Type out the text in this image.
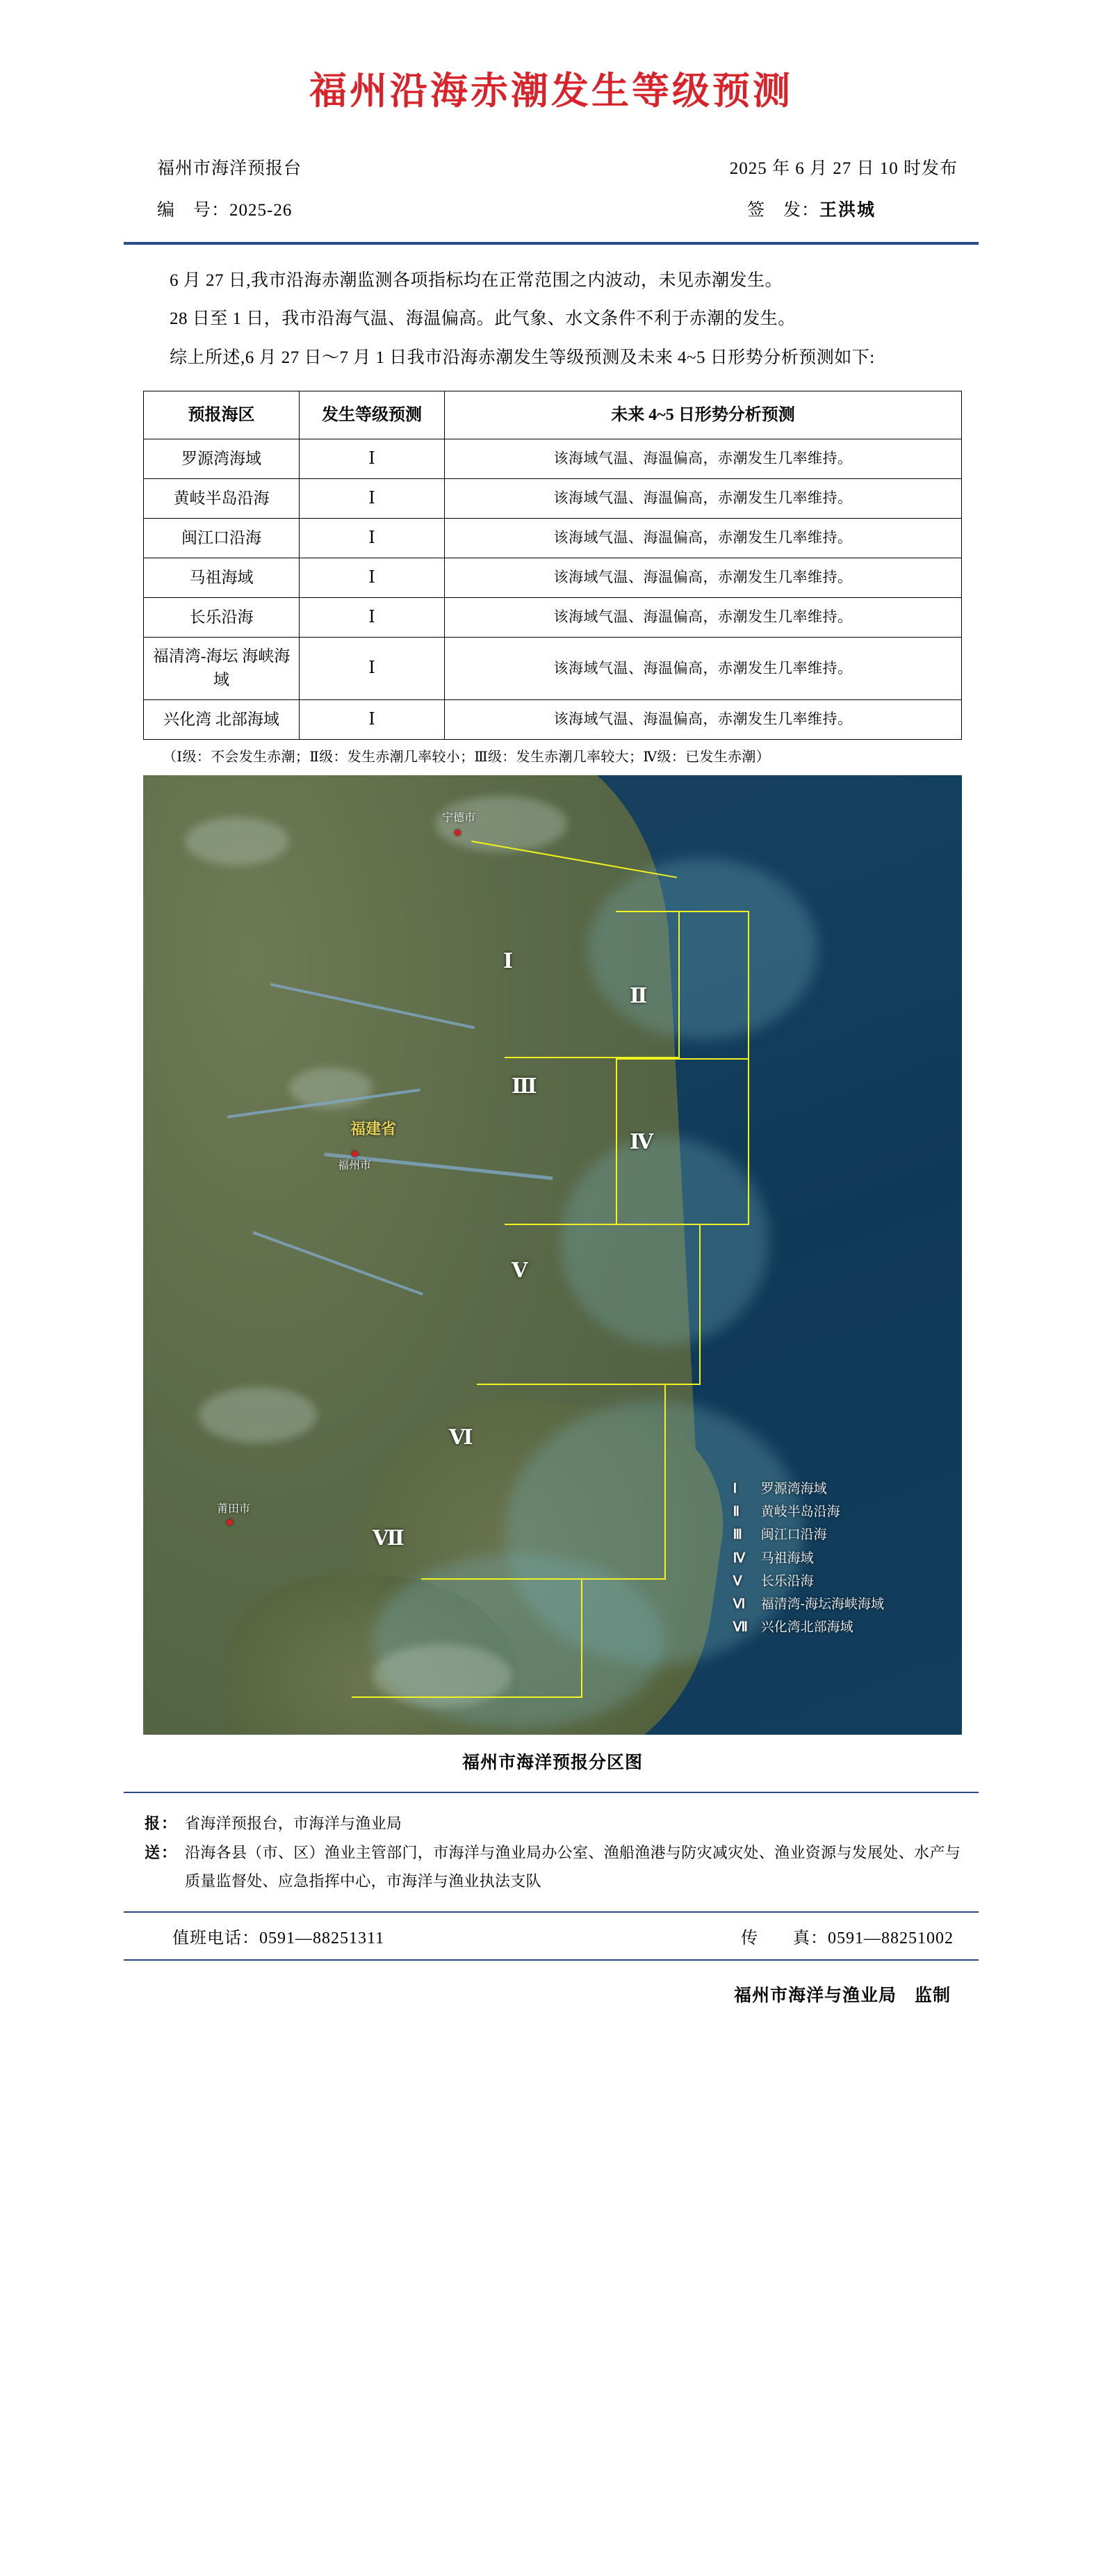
福州沿海赤潮发生等级预测
福州市海洋预报台	2025 年 6 月 27 日 10 时发布
编　号：2025-26	签　发：王洪城

6 月 27 日,我市沿海赤潮监测各项指标均在正常范围之内波动，未见赤潮发生。

28 日至 1 日，我市沿海气温、海温偏高。此气象、水文条件不利于赤潮的发生。

综上所述,6 月 27 日～7 月 1 日我市沿海赤潮发生等级预测及未来 4~5 日形势分析预测如下:

预报海区	发生等级预测	未来 4~5 日形势分析预测
罗源湾海域	Ⅰ	该海域气温、海温偏高，赤潮发生几率维持。
黄岐半岛沿海	Ⅰ	该海域气温、海温偏高，赤潮发生几率维持。
闽江口沿海	Ⅰ	该海域气温、海温偏高，赤潮发生几率维持。
马祖海域	Ⅰ	该海域气温、海温偏高，赤潮发生几率维持。
长乐沿海	Ⅰ	该海域气温、海温偏高，赤潮发生几率维持。
福清湾-海坛 海峡海域	Ⅰ	该海域气温、海温偏高，赤潮发生几率维持。
兴化湾 北部海域	Ⅰ	该海域气温、海温偏高，赤潮发生几率维持。
（Ⅰ级：不会发生赤潮；Ⅱ级：发生赤潮几率较小；Ⅲ级：发生赤潮几率较大；Ⅳ级：已发生赤潮）
Ⅰ
Ⅱ
Ⅲ
Ⅳ
Ⅴ
Ⅵ
Ⅶ
宁德市
福州市
莆田市
福建省
Ⅰ 罗源湾海域
Ⅱ 黄岐半岛沿海
Ⅲ 闽江口沿海
Ⅳ 马祖海域
Ⅴ 长乐沿海
Ⅵ 福清湾-海坛海峡海域
Ⅶ 兴化湾北部海域
福州市海洋预报分区图
报： 省海洋预报台，市海洋与渔业局
送： 沿海各县（市、区）渔业主管部门，市海洋与渔业局办公室、渔船渔港与防灾减灾处、渔业资源与发展处、水产与质量监督处、应急指挥中心，市海洋与渔业执法支队
值班电话：0591—88251311	传　　真：0591—88251002
福州市海洋与渔业局　监制
